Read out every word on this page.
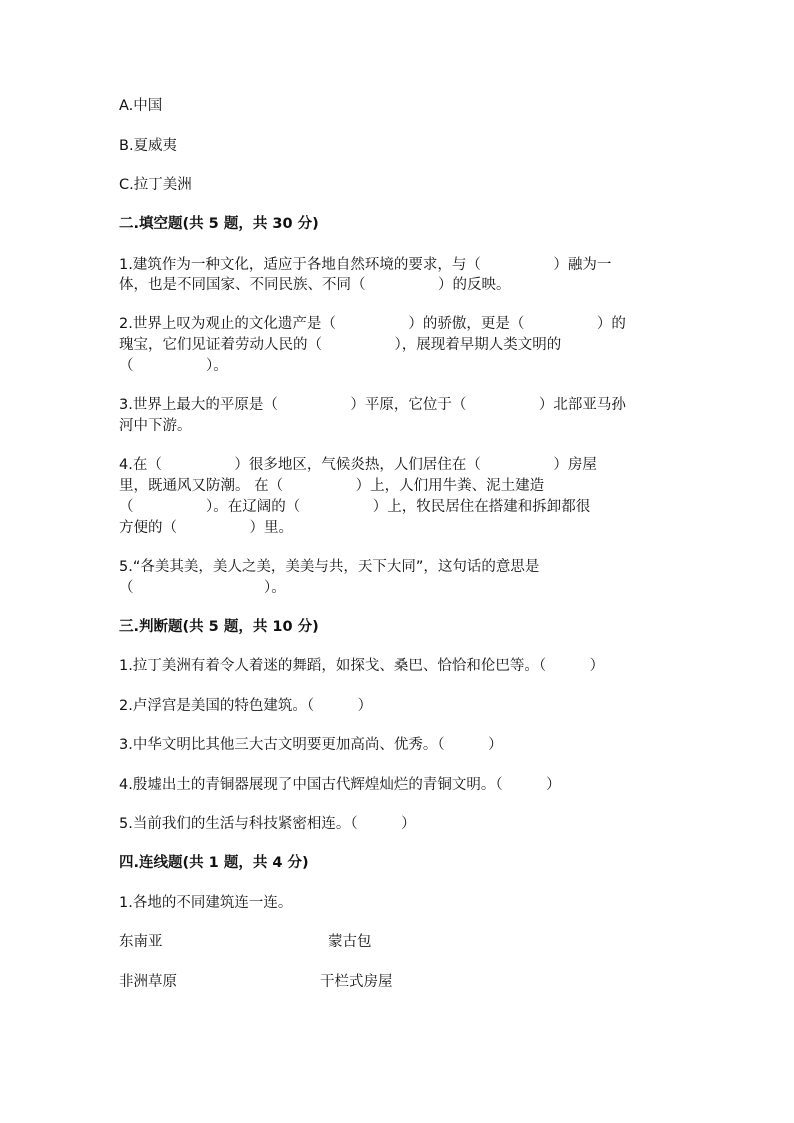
A.中国
B.夏威夷
C.拉丁美洲
二.填空题(共 5 题，共 30 分)
1.建筑作为一种文化，适应于各地自然环境的要求，与（　　　　　）融为一
体，也是不同国家、不同民族、不同（　　　　　）的反映。
2.世界上叹为观止的文化遗产是（　　　　　）的骄傲，更是（　　　　　）的
瑰宝，它们见证着劳动人民的（　　　　　），展现着早期人类文明的
（　　　　　）。
3.世界上最大的平原是（　　　　　）平原，它位于（　　　　　）北部亚马孙
河中下游。
4.在（　　　　　）很多地区，气候炎热，人们居住在（　　　　　）房屋
里，既通风又防潮。 在（　　　　　）上，人们用牛粪、泥土建造
（　　　　　）。在辽阔的（　　　　　）上，牧民居住在搭建和拆卸都很
方便的（　　　　　）里。
5.“各美其美，美人之美，美美与共，天下大同”，这句话的意思是
（　　　　　　　　　）。
三.判断题(共 5 题，共 10 分)
1.拉丁美洲有着令人着迷的舞蹈，如探戈、桑巴、恰恰和伦巴等。（　　　）
2.卢浮宫是美国的特色建筑。（　　　）
3.中华文明比其他三大古文明要更加高尚、优秀。（　　　）
4.殷墟出土的青铜器展现了中国古代辉煌灿烂的青铜文明。（　　　）
5.当前我们的生活与科技紧密相连。（　　　）
四.连线题(共 1 题，共 4 分)
1.各地的不同建筑连一连。
东南亚	蒙古包
非洲草原	干栏式房屋
